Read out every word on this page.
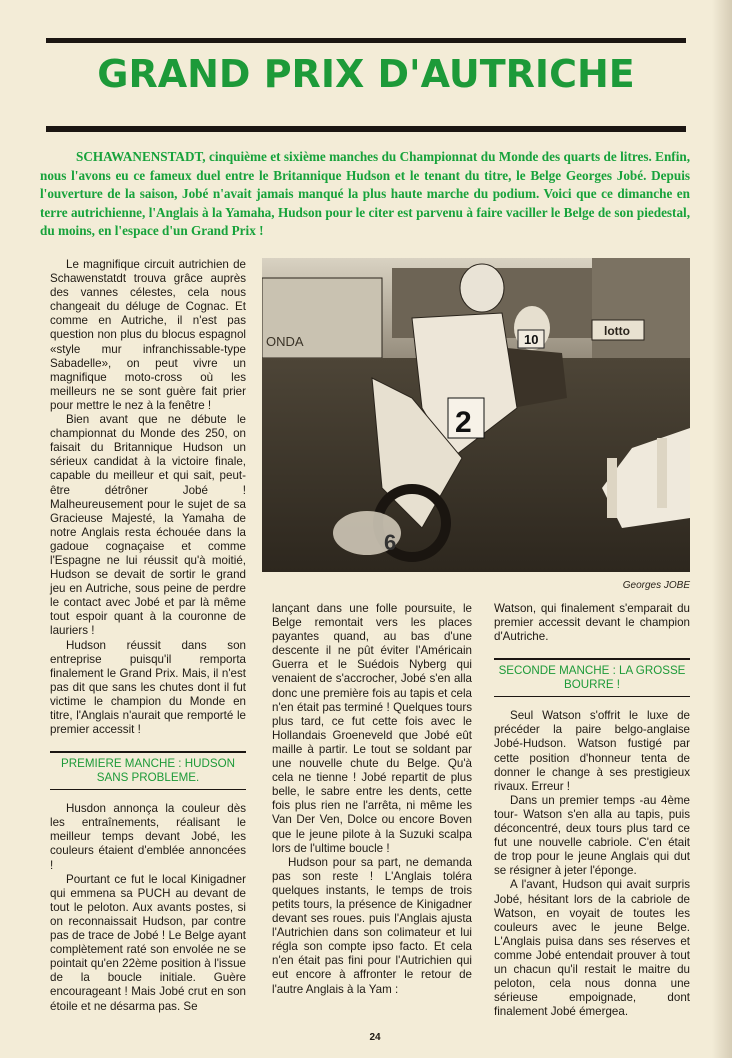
GRAND PRIX D'AUTRICHE
SCHAWANENSTADT, cinquième et sixième manches du Championnat du Monde des quarts de litres. Enfin, nous l'avons eu ce fameux duel entre le Britannique Hudson et le tenant du titre, le Belge Georges Jobé. Depuis l'ouverture de la saison, Jobé n'avait jamais manqué la plus haute marche du podium. Voici que ce dimanche en terre autrichienne, l'Anglais à la Yamaha, Hudson pour le citer est parvenu à faire vaciller le Belge de son piedestal, du moins, en l'espace d'un Grand Prix !

Le magnifique circuit autrichien de Schawenstatdt trouva grâce auprès des vannes célestes, cela nous changeait du déluge de Cognac. Et comme en Autriche, il n'est pas question non plus du blocus espagnol «style mur infranchissable-type Sabadelle», on peut vivre un magnifique moto-cross où les meilleurs ne se sont guère fait prier pour mettre le nez à la fenêtre !

Bien avant que ne débute le championnat du Monde des 250, on faisait du Britannique Hudson un sérieux candidat à la victoire finale, capable du meilleur et qui sait, peut-être détrôner Jobé ! Malheureusement pour le sujet de sa Gracieuse Majesté, la Yamaha de notre Anglais resta échouée dans la gadoue cognaçaise et comme l'Espagne ne lui réussit qu'à moitié, Hudson se devait de sortir le grand jeu en Autriche, sous peine de perdre le contact avec Jobé et par là même tout espoir quant à la couronne de lauriers !

Hudson réussit dans son entreprise puisqu'il remporta finalement le Grand Prix. Mais, il n'est pas dit que sans les chutes dont il fut victime le champion du Monde en titre, l'Anglais n'aurait que remporté le premier accessit !

PREMIERE MANCHE : HUDSON SANS PROBLEME.

Husdon annonça la couleur dès les entraînements, réalisant le meilleur temps devant Jobé, les couleurs étaient d'emblée annoncées !

Pourtant ce fut le local Kinigadner qui emmena sa PUCH au devant de tout le peloton. Aux avants postes, si on reconnaissait Hudson, par contre pas de trace de Jobé ! Le Belge ayant complètement raté son envolée ne se pointait qu'en 22ème position à l'issue de la boucle initiale. Guère encourageant ! Mais Jobé crut en son étoile et ne désarma pas. Se

lotto
ONDA	10
2
6
Georges JOBE

lançant dans une folle poursuite, le Belge remontait vers les places payantes quand, au bas d'une descente il ne pût éviter l'Américain Guerra et le Suédois Nyberg qui venaient de s'accrocher, Jobé s'en alla donc une première fois au tapis et cela n'en était pas terminé ! Quelques tours plus tard, ce fut cette fois avec le Hollandais Groeneveld que Jobé eût maille à partir. Le tout se soldant par une nouvelle chute du Belge. Qu'à cela ne tienne ! Jobé repartit de plus belle, le sabre entre les dents, cette fois plus rien ne l'arrêta, ni même les Van Der Ven, Dolce ou encore Boven que le jeune pilote à la Suzuki scalpa lors de l'ultime boucle !

Hudson pour sa part, ne demanda pas son reste ! L'Anglais toléra quelques instants, le temps de trois petits tours, la présence de Kinigadner devant ses roues. puis l'Anglais ajusta l'Autrichien dans son colimateur et lui régla son compte ipso facto. Et cela n'en était pas fini pour l'Autrichien qui eut encore à affronter le retour de l'autre Anglais à la Yam :

Watson, qui finalement s'emparait du premier accessit devant le champion d'Autriche.

SECONDE MANCHE : LA GROSSE BOURRE !

Seul Watson s'offrit le luxe de précéder la paire belgo-anglaise Jobé-Hudson. Watson fustigé par cette position d'honneur tenta de donner le change à ses prestigieux rivaux. Erreur !

Dans un premier temps -au 4ème tour- Watson s'en alla au tapis, puis déconcentré, deux tours plus tard ce fut une nouvelle cabriole. C'en était de trop pour le jeune Anglais qui dut se résigner à jeter l'éponge.

A l'avant, Hudson qui avait surpris Jobé, hésitant lors de la cabriole de Watson, en voyait de toutes les couleurs avec le jeune Belge. L'Anglais puisa dans ses réserves et comme Jobé entendait prouver à tout un chacun qu'il restait le maitre du peloton, cela nous donna une sérieuse empoignade, dont finalement Jobé émergea.

24
